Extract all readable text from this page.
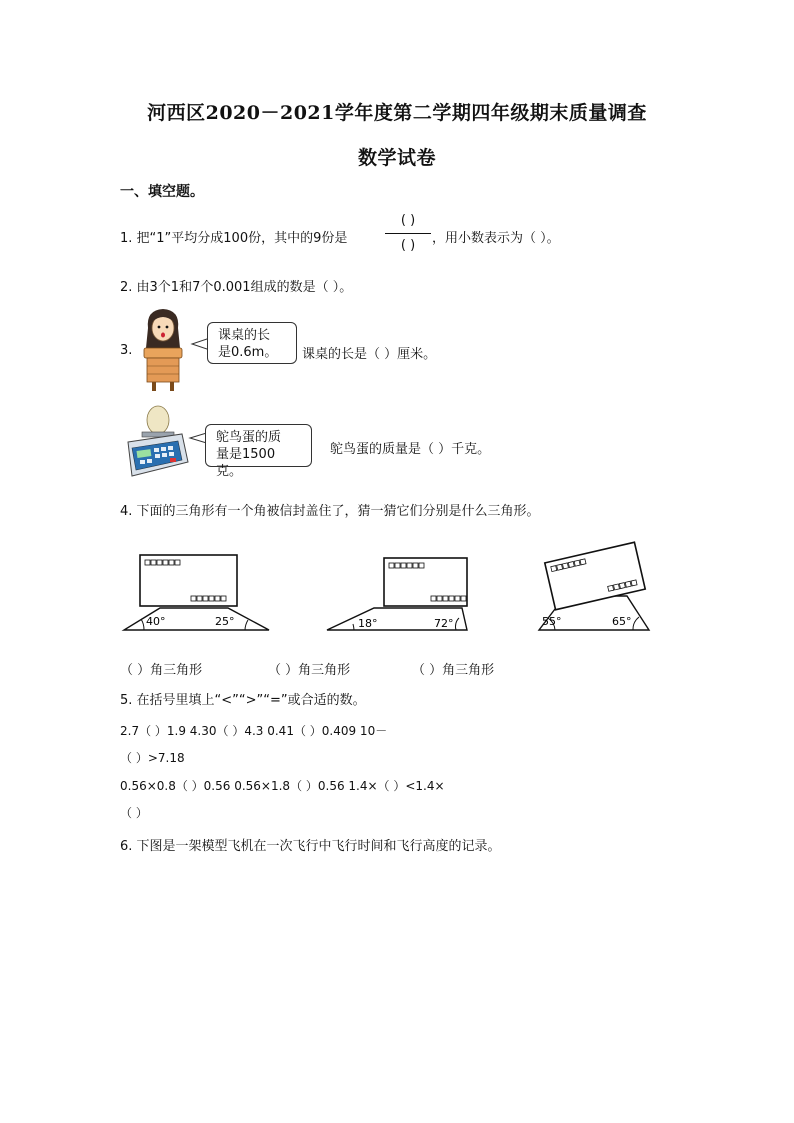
河西区2020－2021学年度第二学期四年级期末质量调查
数学试卷
一、填空题。
1. 把“1”平均分成100份，其中的9份是
( )
( )	，用小数表示为（ ）。
2. 由3个1和7个0.001组成的数是（ ）。
3.
课桌的长
是0.6m。	课桌的长是（ ）厘米。
鸵鸟蛋的质
量是1500克。
鸵鸟蛋的质量是（ ）千克。
4. 下面的三角形有一个角被信封盖住了，猜一猜它们分别是什么三角形。
40°	25°	18°	72°	55°	65°
（ ）角三角形	（ ）角三角形	（ ）角三角形
5. 在括号里填上“<”“>”“=”或合适的数。
2.7（ ）1.9 4.30（ ）4.3 0.41（ ）0.409 10－
（ ）>7.18
0.56×0.8（ ）0.56 0.56×1.8（ ）0.56 1.4×（ ）<1.4×
（ ）
6. 下图是一架模型飞机在一次飞行中飞行时间和飞行高度的记录。
